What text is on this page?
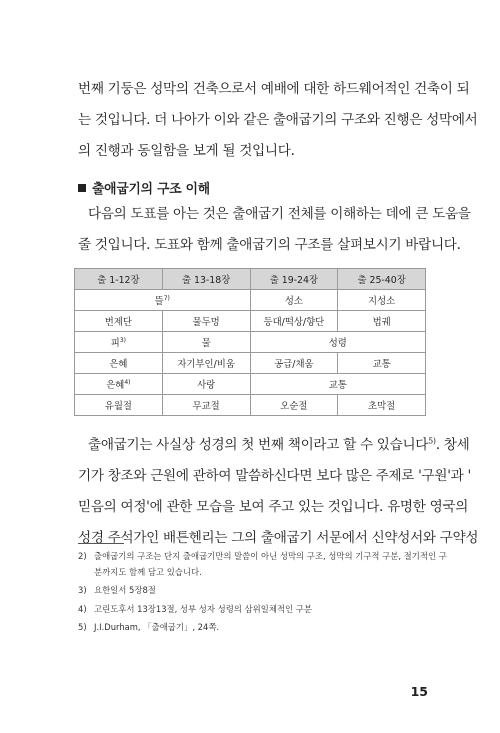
번째 기둥은 성막의 건축으로서 예배에 대한 하드웨어적인 건축이 되
는 것입니다. 더 나아가 이와 같은 출애굽기의 구조와 진행은 성막에서
의 진행과 동일함을 보게 될 것입니다.
출애굽기의 구조 이해
다음의 도표를 아는 것은 출애굽기 전체를 이해하는 데에 큰 도움을
줄 것입니다. 도표와 함께 출애굽기의 구조를 살펴보시기 바랍니다.
출 1-12장	출 13-18장	출 19-24장	출 25-40장
뜰$^{7)}$		성소	지성소
번제단	물두멍	등대/떡상/향단	법궤
피$^{3)}$	물	성령	
은혜	자기부인/비움	공급/채움	교통
은혜$^{4)}$	사랑	교통	
유월절	무교절	오순절	초막절
출애굽기는 사실상 성경의 첫 번째 책이라고 할 수 있습니다$^{5)}$. 창세
기가 창조와 근원에 관하여 말씀하신다면 보다 많은 주제로 '구원'과 '
믿음의 여정'에 관한 모습을 보여 주고 있는 것입니다. 유명한 영국의
성경 주석가인 배튼헨리는 그의 출애굽기 서문에서 신약성서와 구약성
2) 출애굽기의 구조는 단지 출애굽기만의 말씀이 아닌 성막의 구조, 성막의 기구적 구분, 절기적인 구
분까지도 함께 담고 있습니다.
3) 요한일서 5장8절
4) 고린도후서 13장13절, 성부 성자 성령의 삼위일체적인 구분
5) J.I.Durham, 「출애굽기」, 24쪽.
15
